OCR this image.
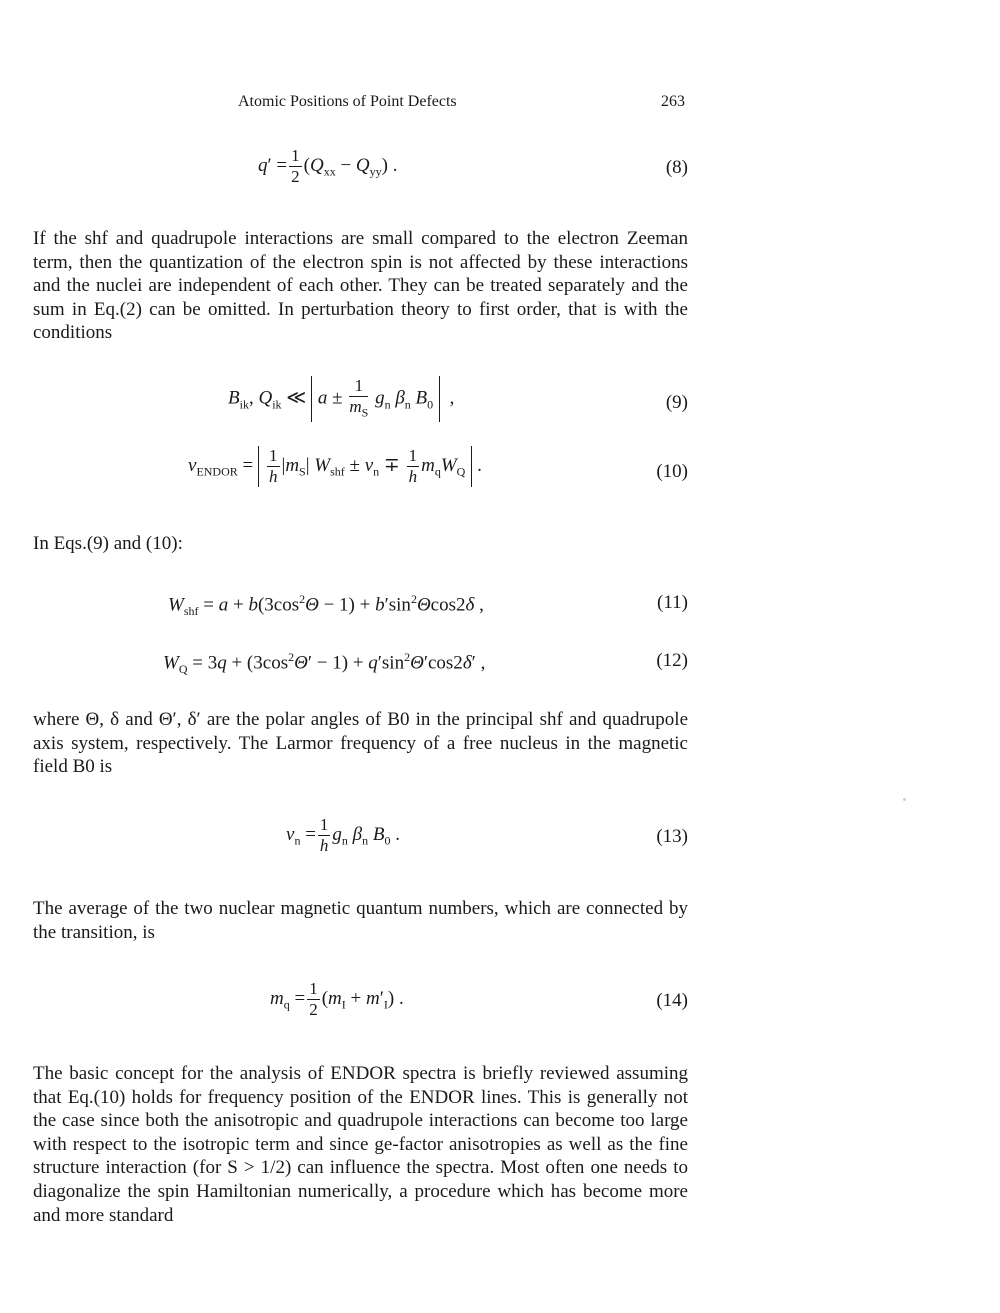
Atomic Positions of Point Defects	263
$q' = \frac{1}{2} (Q_{xx} - Q_{yy})$ .	(8)

If the shf and quadrupole interactions are small compared to the electron Zeeman term, then the quantization of the electron spin is not affected by these interactions and the nuclei are independent of each other. They can be treated separately and the sum in Eq.(2) can be omitted. In perturbation theory to first order, that is with the conditions

$B_{ik}$, $Q_{ik}$ ≪ $a \pm \frac{1}{m_S} g_n$ $\beta_n$ $B_0$  ,	(9)
$\nu_{ENDOR} = \frac{1}{h} |m_S|$ $W_{shf} \pm \nu_n \mp \frac{1}{h} m_qW_Q$ .	(10)

In Eqs.(9) and (10):

$W_{shf} = a + b(3\cos^2\Theta - 1) + b'\sin^2\Theta\cos 2\delta$ ,	(11)
$W_Q = 3q + (3\cos^2\Theta' - 1) + q'\sin^2\Theta'\cos 2\delta'$ ,	(12)

where Θ, δ and Θ′, δ′ are the polar angles of B0 in the principal shf and quadrupole axis system, respectively. The Larmor frequency of a free nucleus in the magnetic field B0 is

$\nu_n = \frac{1}{h} g_n$ $\beta_n$ $B_0$ .	(13)

The average of the two nuclear magnetic quantum numbers, which are connected by the transition, is

$m_q = \frac{1}{2} (m_I + m'_I)$ .	(14)

The basic concept for the analysis of ENDOR spectra is briefly reviewed assuming that Eq.(10) holds for frequency position of the ENDOR lines. This is generally not the case since both the anisotropic and quadrupole interactions can become too large with respect to the isotropic term and since ge-factor anisotropies as well as the fine structure interaction (for S > 1/2) can influence the spectra. Most often one needs to diagonalize the spin Hamiltonian numerically, a procedure which has become more and more standard
